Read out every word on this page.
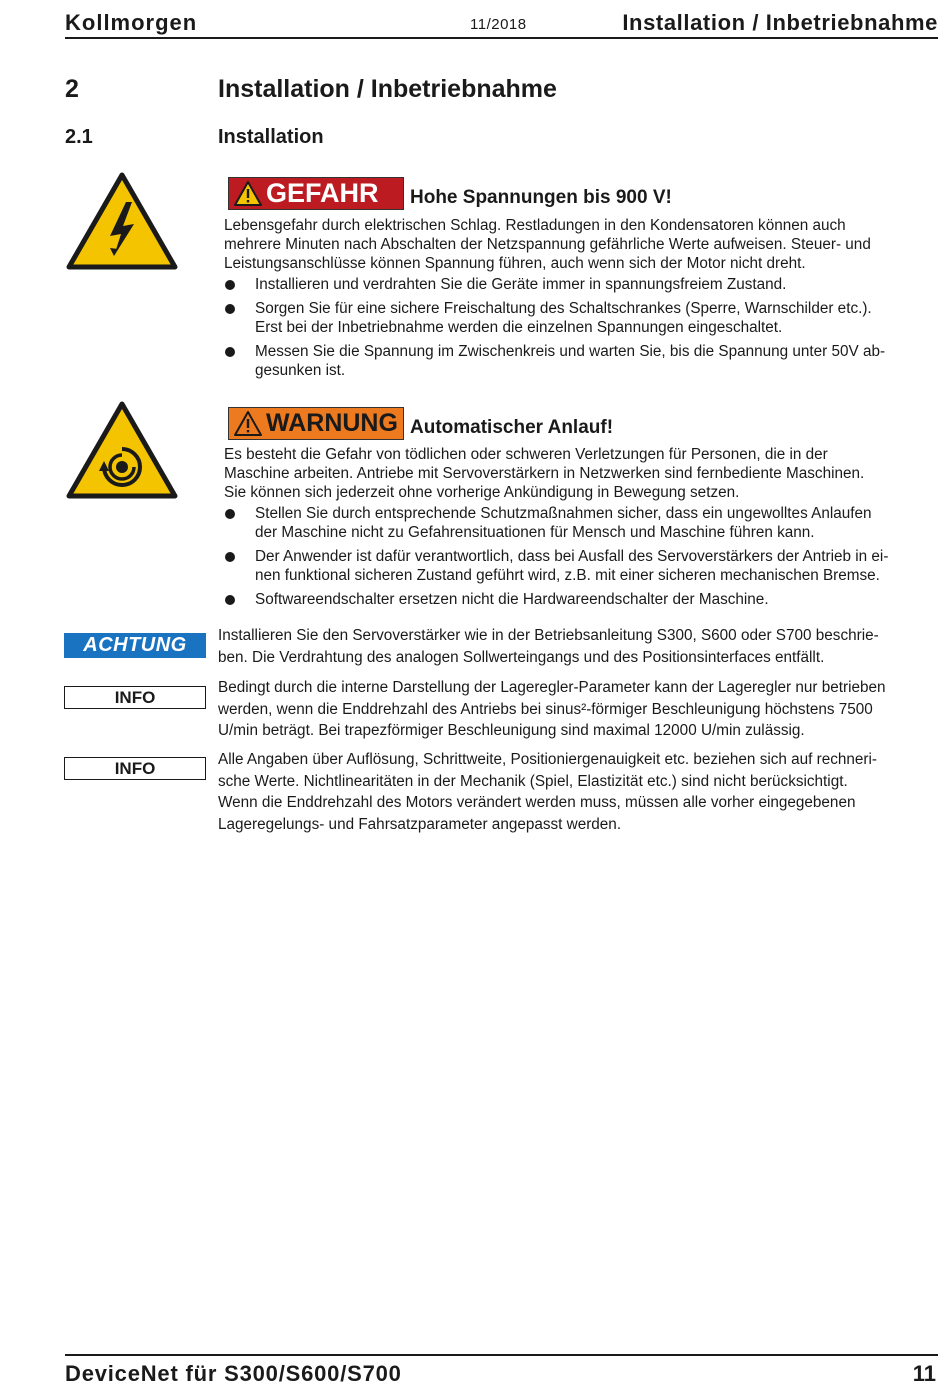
Kollmorgen	11/2018	Installation / Inbetriebnahme
2	Installation / Inbetriebnahme
2.1	Installation
GEFAHR Hohe Spannungen bis 900 V!

Lebensgefahr durch elektrischen Schlag. Restladungen in den Kondensatoren können auch

mehrere Minuten nach Abschalten der Netzspannung gefährliche Werte aufweisen. Steuer- und

Leistungsanschlüsse können Spannung führen, auch wenn sich der Motor nicht dreht.

Installieren und verdrahten Sie die Geräte immer in spannungsfreiem Zustand.
Sorgen Sie für eine sichere Freischaltung des Schaltschrankes (Sperre, Warnschilder etc.).
Erst bei der Inbetriebnahme werden die einzelnen Spannungen eingeschaltet.
Messen Sie die Spannung im Zwischenkreis und warten Sie, bis die Spannung unter 50V ab-
gesunken ist.
WARNUNG Automatischer Anlauf!

Es besteht die Gefahr von tödlichen oder schweren Verletzungen für Personen, die in der

Maschine arbeiten. Antriebe mit Servoverstärkern in Netzwerken sind fernbediente Maschinen.

Sie können sich jederzeit ohne vorherige Ankündigung in Bewegung setzen.

Stellen Sie durch entsprechende Schutzmaßnahmen sicher, dass ein ungewolltes Anlaufen
der Maschine nicht zu Gefahrensituationen für Mensch und Maschine führen kann.
Der Anwender ist dafür verantwortlich, dass bei Ausfall des Servoverstärkers der Antrieb in ei-
nen funktional sicheren Zustand geführt wird, z.B. mit einer sicheren mechanischen Bremse.
Softwareendschalter ersetzen nicht die Hardwareendschalter der Maschine.
ACHTUNG	Installieren Sie den Servoverstärker wie in der Betriebsanleitung S300, S600 oder S700 beschrie-
ben. Die Verdrahtung des analogen Sollwerteingangs und des Positionsinterfaces entfällt.
INFO
Bedingt durch die interne Darstellung der Lageregler-Parameter kann der Lageregler nur betrieben
werden, wenn die Enddrehzahl des Antriebs bei sinus²-förmiger Beschleunigung höchstens 7500
U/min beträgt. Bei trapezförmiger Beschleunigung sind maximal 12000 U/min zulässig.
INFO	Alle Angaben über Auflösung, Schrittweite, Positioniergenauigkeit etc. beziehen sich auf rechneri-
sche Werte. Nichtlinearitäten in der Mechanik (Spiel, Elastizität etc.) sind nicht berücksichtigt.
Wenn die Enddrehzahl des Motors verändert werden muss, müssen alle vorher eingegebenen
Lageregelungs- und Fahrsatzparameter angepasst werden.
DeviceNet für S300/S600/S700	11
